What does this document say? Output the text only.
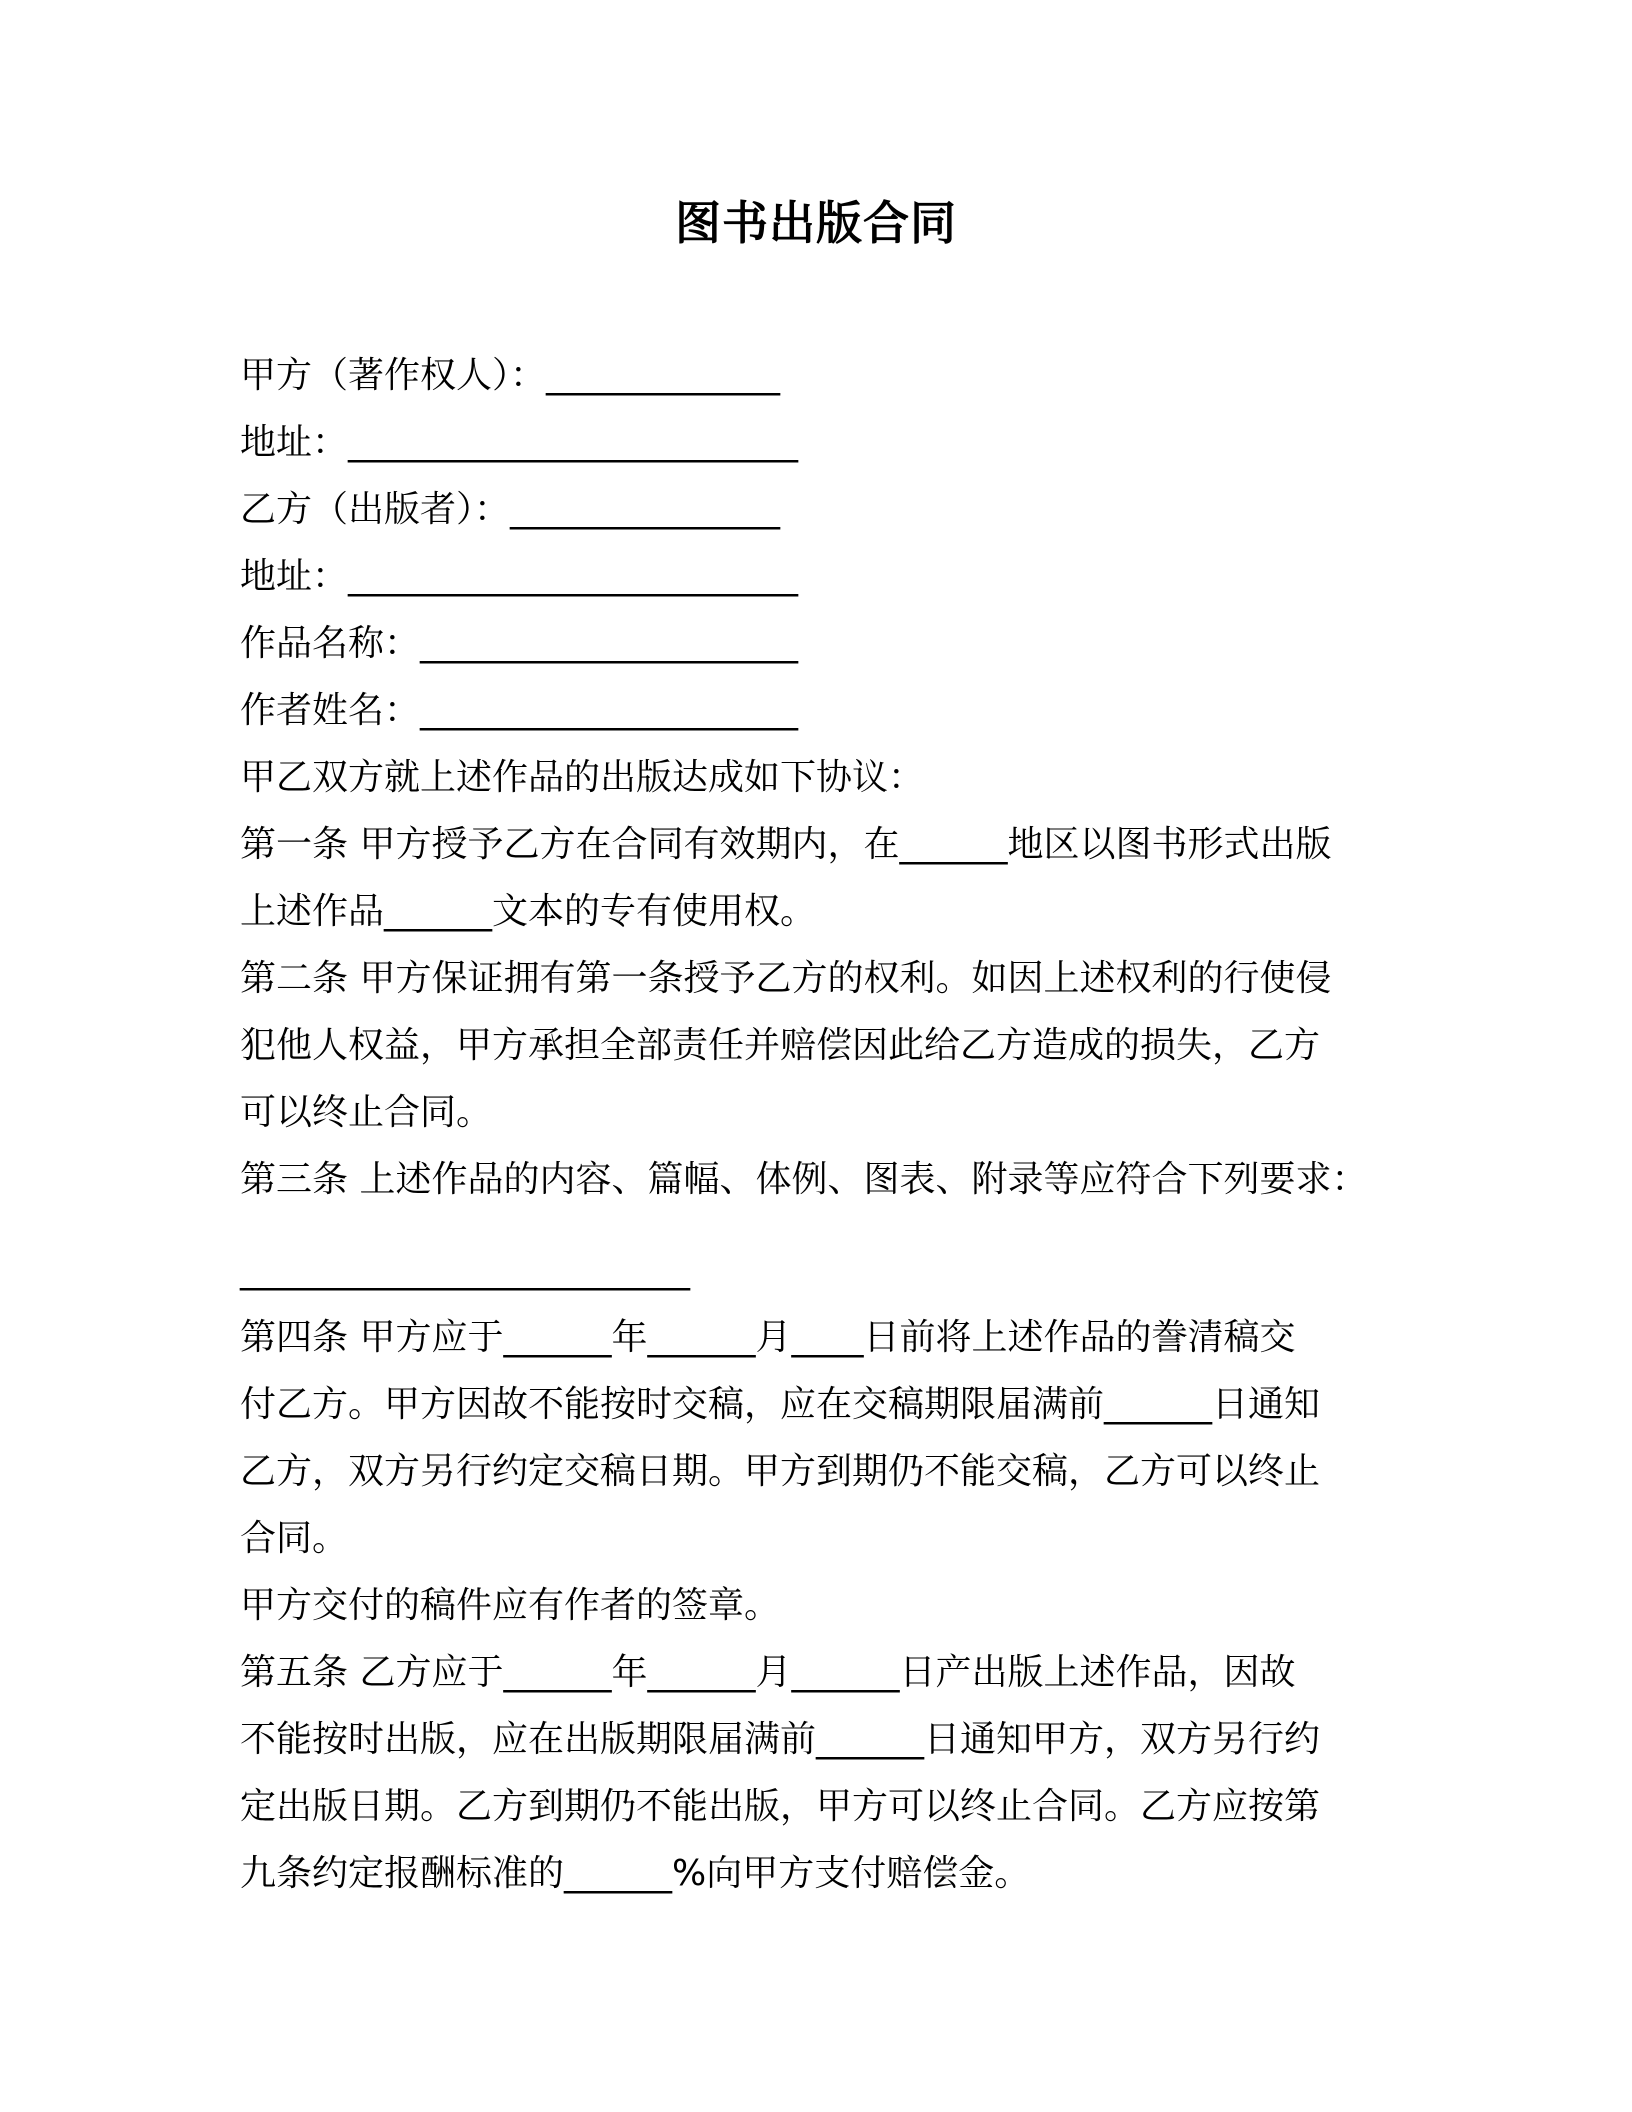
图书出版合同
甲方（著作权人）：_____________
地址：_________________________
乙方（出版者）：_______________
地址：_________________________
作品名称：_____________________
作者姓名：_____________________
甲乙双方就上述作品的出版达成如下协议：
第一条 甲方授予乙方在合同有效期内，在______地区以图书形式出版
上述作品______文本的专有使用权。
第二条 甲方保证拥有第一条授予乙方的权利。如因上述权利的行使侵
犯他人权益，甲方承担全部责任并赔偿因此给乙方造成的损失，乙方
可以终止合同。
第三条 上述作品的内容、篇幅、体例、图表、附录等应符合下列要求：
_________________________
第四条 甲方应于______年______月____日前将上述作品的誊清稿交
付乙方。甲方因故不能按时交稿，应在交稿期限届满前______日通知
乙方，双方另行约定交稿日期。甲方到期仍不能交稿，乙方可以终止
合同。
甲方交付的稿件应有作者的签章。
第五条 乙方应于______年______月______日产出版上述作品，因故
不能按时出版，应在出版期限届满前______日通知甲方，双方另行约
定出版日期。乙方到期仍不能出版，甲方可以终止合同。乙方应按第
九条约定报酬标准的______%向甲方支付赔偿金。
